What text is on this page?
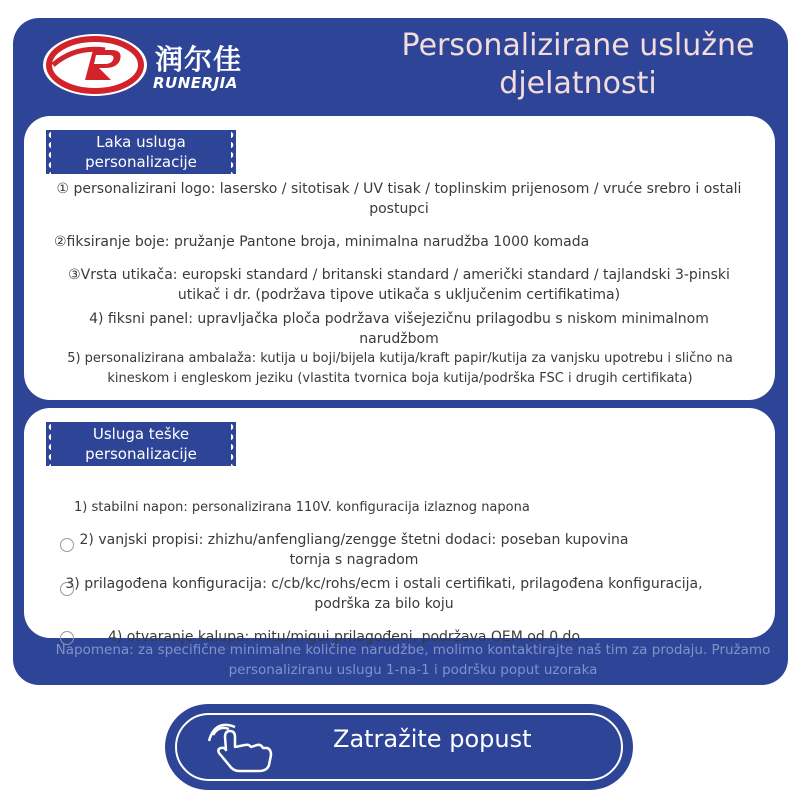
润尔佳
RUNERJIA
Personalizirane uslužne
djelatnosti
Laka usluga
personalizacije
① personalizirani logo: lasersko / sitotisak / UV tisak / toplinskim prijenosom / vruće srebro i ostali postupci
②fiksiranje boje: pružanje Pantone broja, minimalna narudžba 1000 komada
③Vrsta utikača: europski standard / britanski standard / američki standard / tajlandski 3-pinski utikač i dr. (podržava tipove utikača s uključenim certifikatima)
4) fiksni panel: upravljačka ploča podržava višejezičnu prilagodbu s niskom minimalnom narudžbom
5) personalizirana ambalaža: kutija u boji/bijela kutija/kraft papir/kutija za vanjsku upotrebu i slično na kineskom i engleskom jeziku (vlastita tvornica boja kutija/podrška FSC i drugih certifikata)
Usluga teške
personalizacije
1) stabilni napon: personalizirana 110V. konfiguracija izlaznog napona
2) vanjski propisi: zhizhu/anfengliang/zengge štetni dodaci: poseban kupovina tornja s nagradom
3) prilagođena konfiguracija: c/cb/kc/rohs/ecm i ostali certifikati, prilagođena konfiguracija, podrška za bilo koju
4) otvaranje kalupa: mitu/migui prilagođeni, podržava OEM od 0 do
Napomena: za specifične minimalne količine narudžbe, molimo kontaktirajte naš tim za prodaju. Pružamo personaliziranu uslugu 1-na-1 i podršku poput uzoraka
Zatražite popust
